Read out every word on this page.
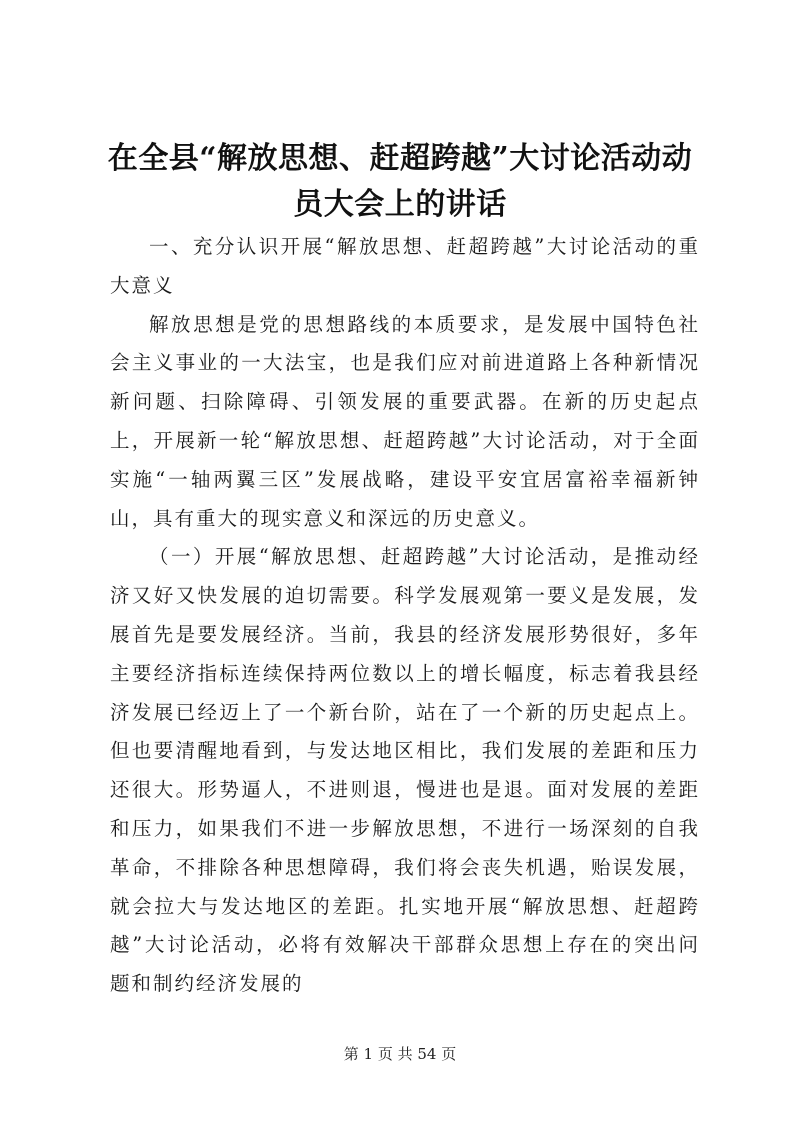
在全县“解放思想、赶超跨越”大讨论活动动员大会上的讲话

一、充分认识开展“解放思想、赶超跨越”大讨论活动的重大意义

解放思想是党的思想路线的本质要求，是发展中国特色社会主义事业的一大法宝，也是我们应对前进道路上各种新情况新问题、扫除障碍、引领发展的重要武器。在新的历史起点上，开展新一轮“解放思想、赶超跨越”大讨论活动，对于全面实施“一轴两翼三区”发展战略，建设平安宜居富裕幸福新钟山，具有重大的现实意义和深远的历史意义。

（一）开展“解放思想、赶超跨越”大讨论活动，是推动经济又好又快发展的迫切需要。科学发展观第一要义是发展，发展首先是要发展经济。当前，我县的经济发展形势很好，多年主要经济指标连续保持两位数以上的增长幅度，标志着我县经济发展已经迈上了一个新台阶，站在了一个新的历史起点上。但也要清醒地看到，与发达地区相比，我们发展的差距和压力还很大。形势逼人，不进则退，慢进也是退。面对发展的差距和压力，如果我们不进一步解放思想，不进行一场深刻的自我革命，不排除各种思想障碍，我们将会丧失机遇，贻误发展，就会拉大与发达地区的差距。扎实地开展“解放思想、赶超跨越”大讨论活动，必将有效解决干部群众思想上存在的突出问题和制约经济发展的

第 1 页 共 54 页
